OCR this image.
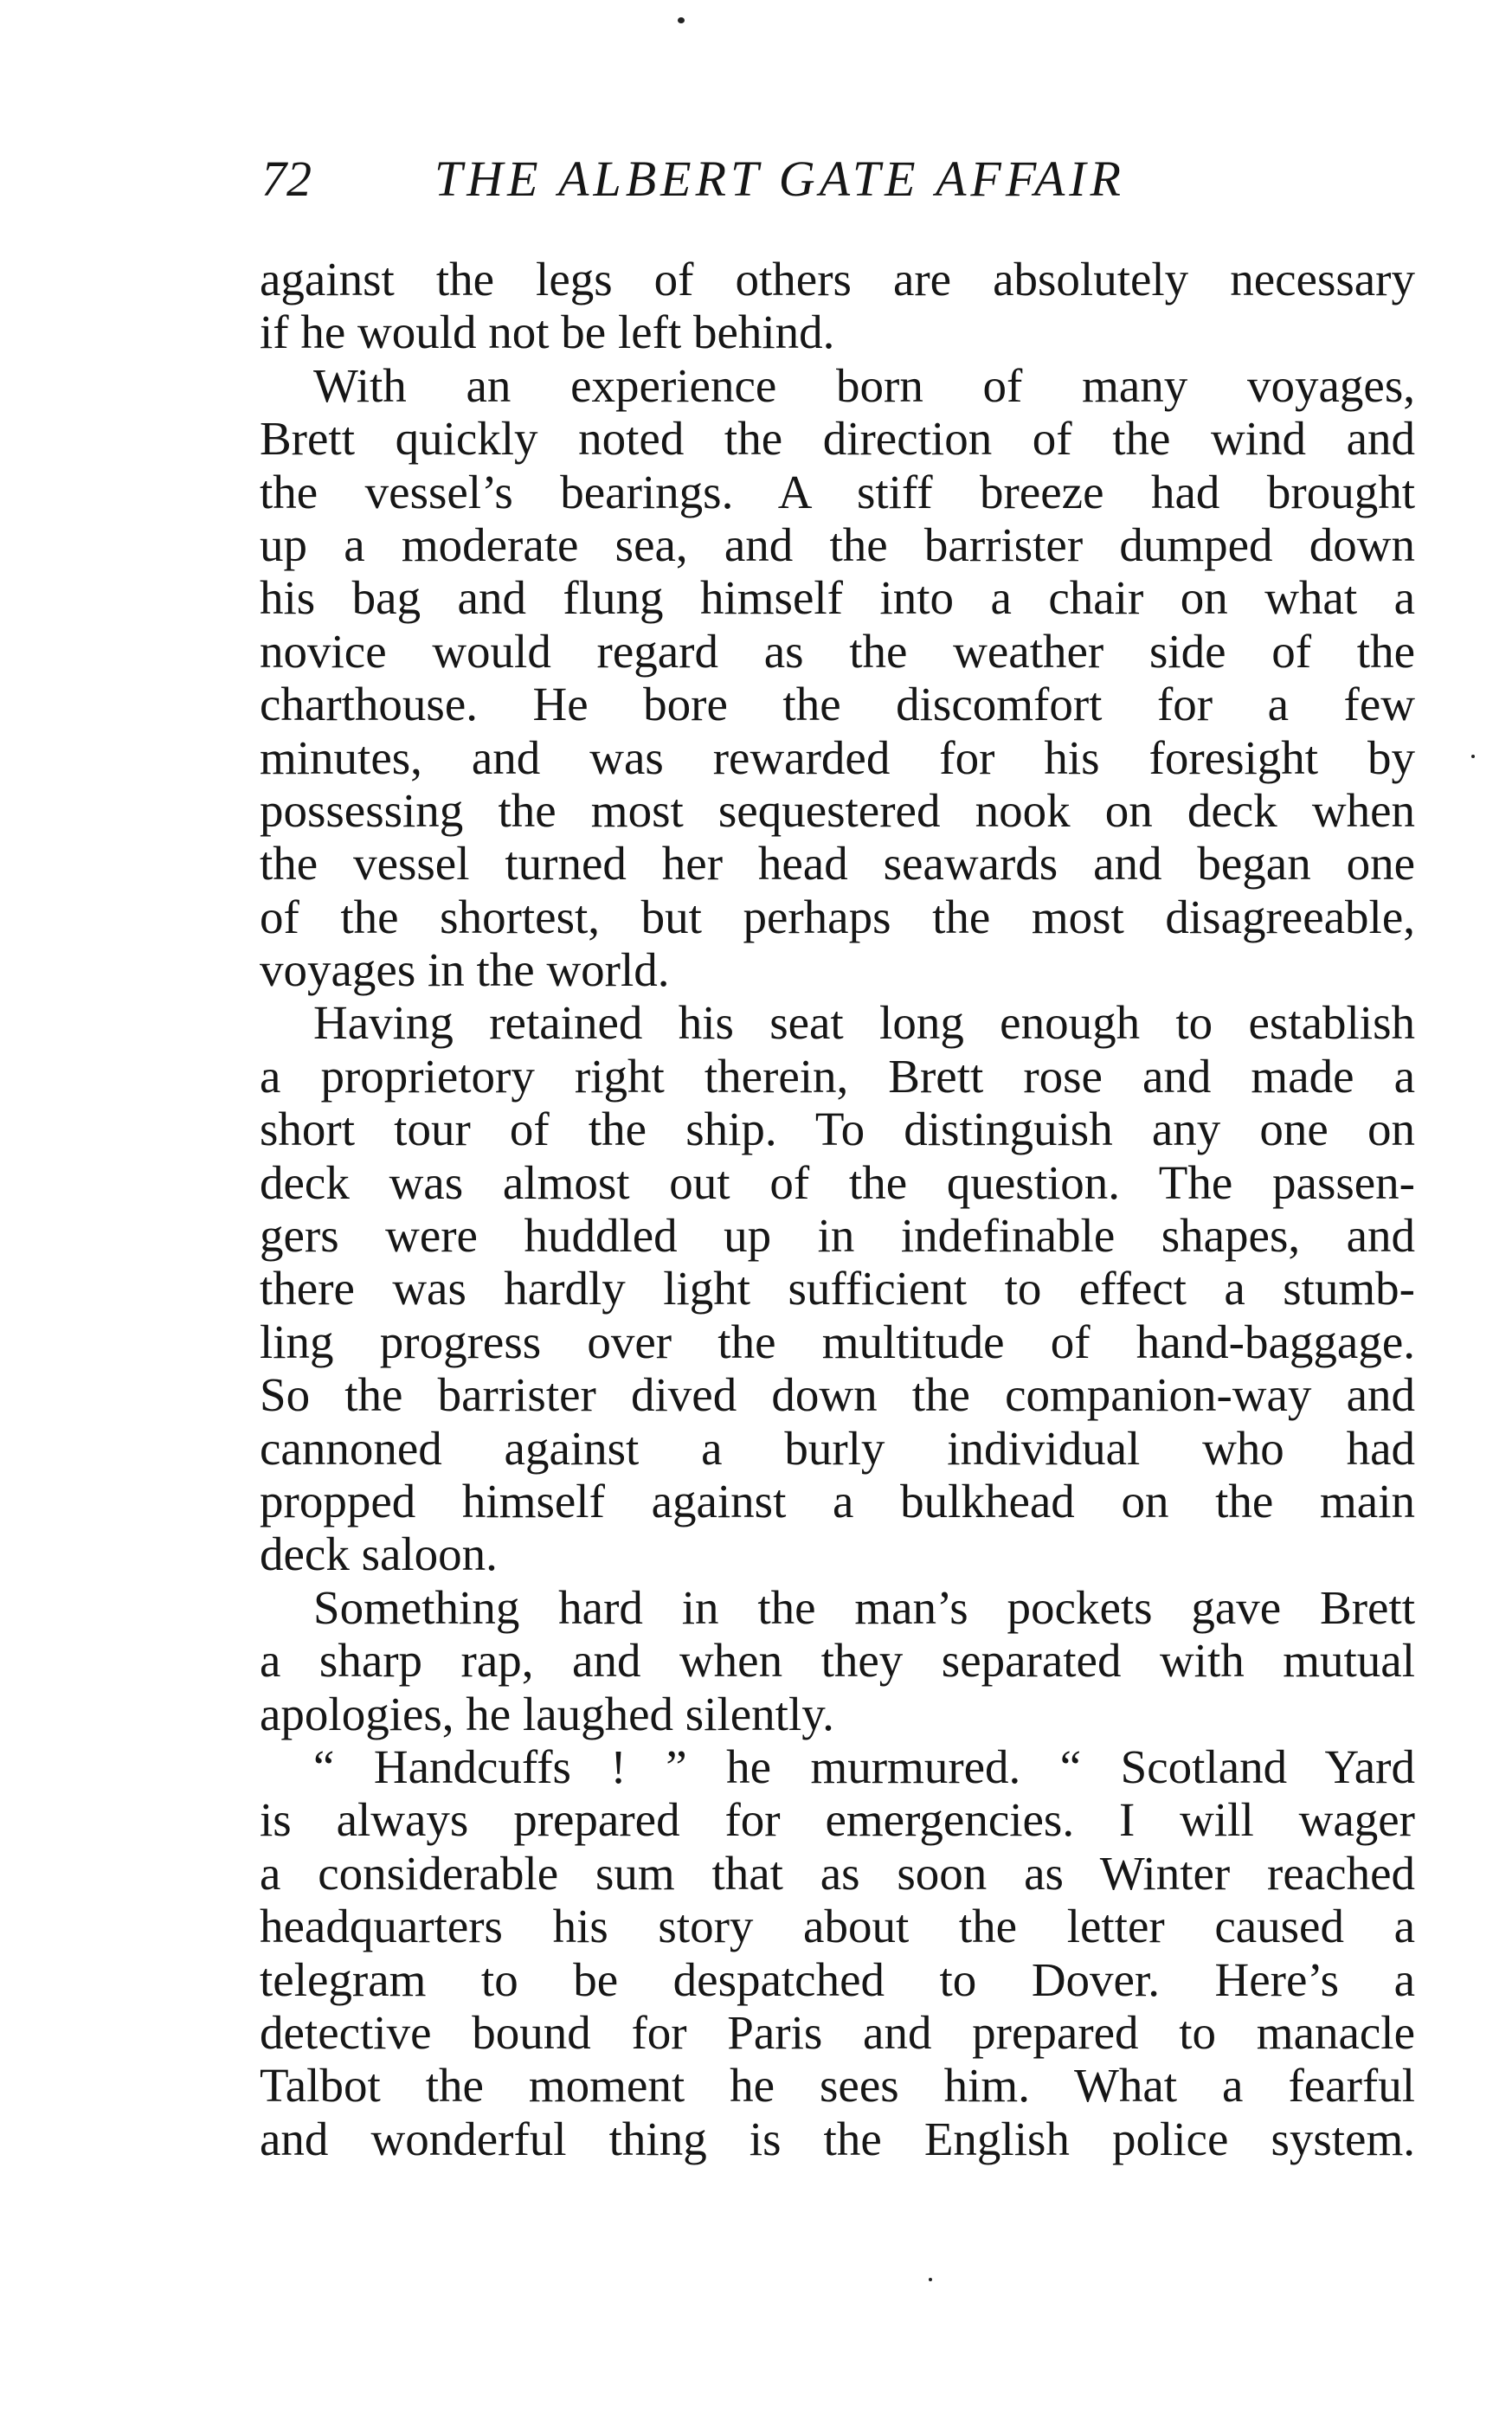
72 THE ALBERT GATE AFFAIR
against the legs of others are absolutely necessary
if he would not be left behind.
With an experience born of many voyages,
Brett quickly noted the direction of the wind and
the vessel’s bearings. A stiff breeze had brought
up a moderate sea, and the barrister dumped down
his bag and flung himself into a chair on what a
novice would regard as the weather side of the
charthouse. He bore the discomfort for a few
minutes, and was rewarded for his foresight by
possessing the most sequestered nook on deck when
the vessel turned her head seawards and began one
of the shortest, but perhaps the most disagreeable,
voyages in the world.
Having retained his seat long enough to establish
a proprietory right therein, Brett rose and made a
short tour of the ship. To distinguish any one on
deck was almost out of the question. The passen-
gers were huddled up in indefinable shapes, and
there was hardly light sufficient to effect a stumb-
ling progress over the multitude of hand-baggage.
So the barrister dived down the companion-way and
cannoned against a burly individual who had
propped himself against a bulkhead on the main
deck saloon.
Something hard in the man’s pockets gave Brett
a sharp rap, and when they separated with mutual
apologies, he laughed silently.
“ Handcuffs ! ” he murmured. “ Scotland Yard
is always prepared for emergencies. I will wager
a considerable sum that as soon as Winter reached
headquarters his story about the letter caused a
telegram to be despatched to Dover. Here’s a
detective bound for Paris and prepared to manacle
Talbot the moment he sees him. What a fearful
and wonderful thing is the English police system.
